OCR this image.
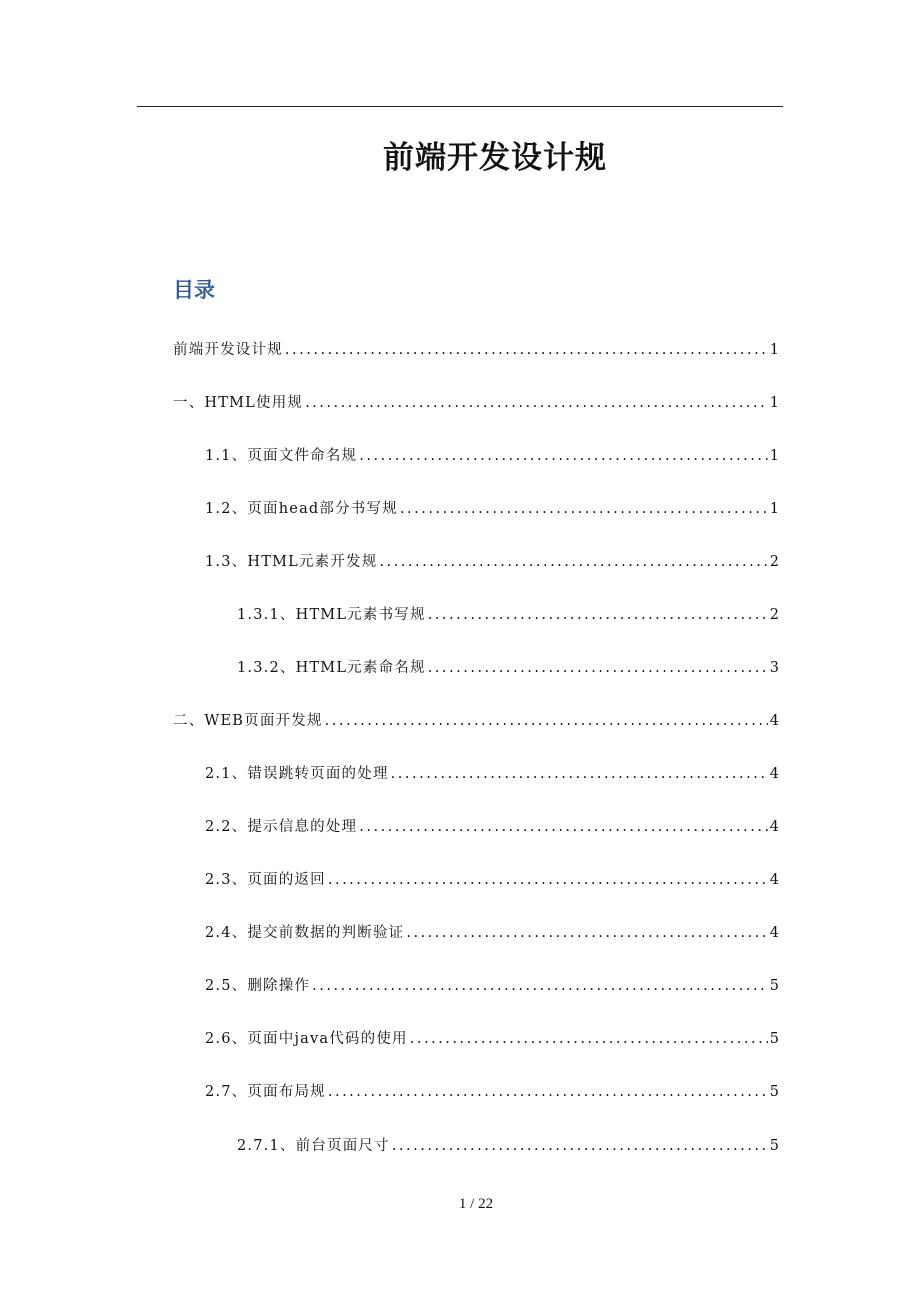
前端开发设计规
目录
前端开发设计规 .....	1
一、HTML使用规 .....	1
1.1、页面文件命名规 .....	1
1.2、页面head部分书写规 .....	1
1.3、HTML元素开发规 .....	2
1.3.1、HTML元素书写规 .....	2
1.3.2、HTML元素命名规 .....	3
二、WEB页面开发规 .....	4
2.1、错误跳转页面的处理 .....	4
2.2、提示信息的处理 .....	4
2.3、页面的返回 .....	4
2.4、提交前数据的判断验证 .....	4
2.5、删除操作 .....	5
2.6、页面中java代码的使用 .....	5
2.7、页面布局规 .....	5
2.7.1、前台页面尺寸 .....	5
1 / 22
